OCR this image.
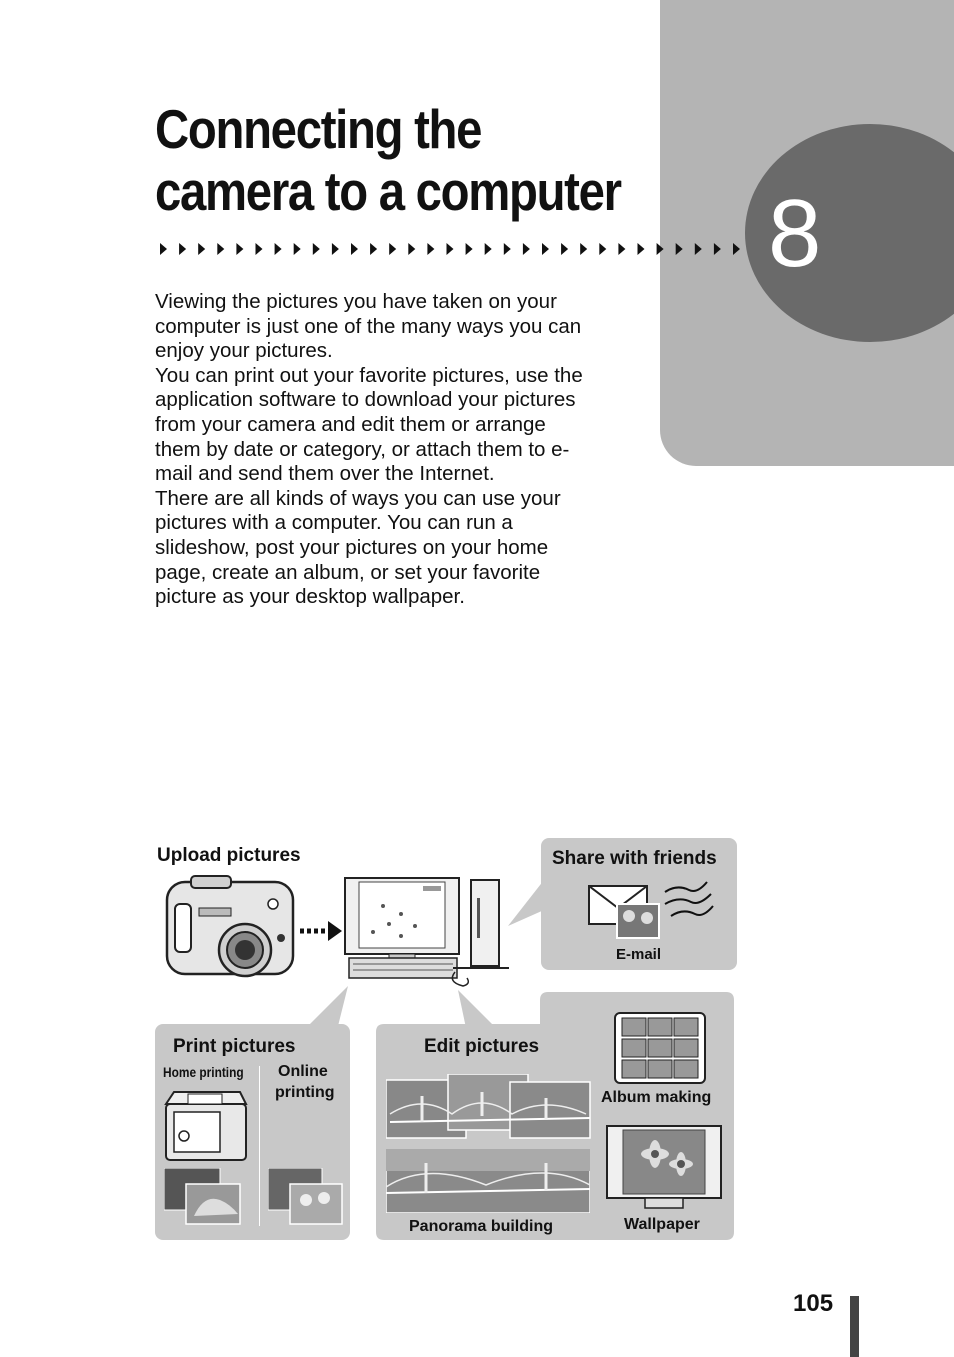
8
Connecting the
camera to a computer

Viewing the pictures you have taken on your computer is just one of the many ways you can enjoy your pictures.

You can print out your favorite pictures, use the application software to download your pictures from your camera and edit them or arrange them by date or category, or attach them to e-mail and send them over the Internet.

There are all kinds of ways you can use your pictures with a computer. You can run a slideshow, post your pictures on your home page, create an album, or set your favorite picture as your desktop wallpaper.

Upload pictures	Share with friends
E-mail
Print pictures
Home printing Online
printing
Edit pictures
Panorama building
Album making
Wallpaper
105
